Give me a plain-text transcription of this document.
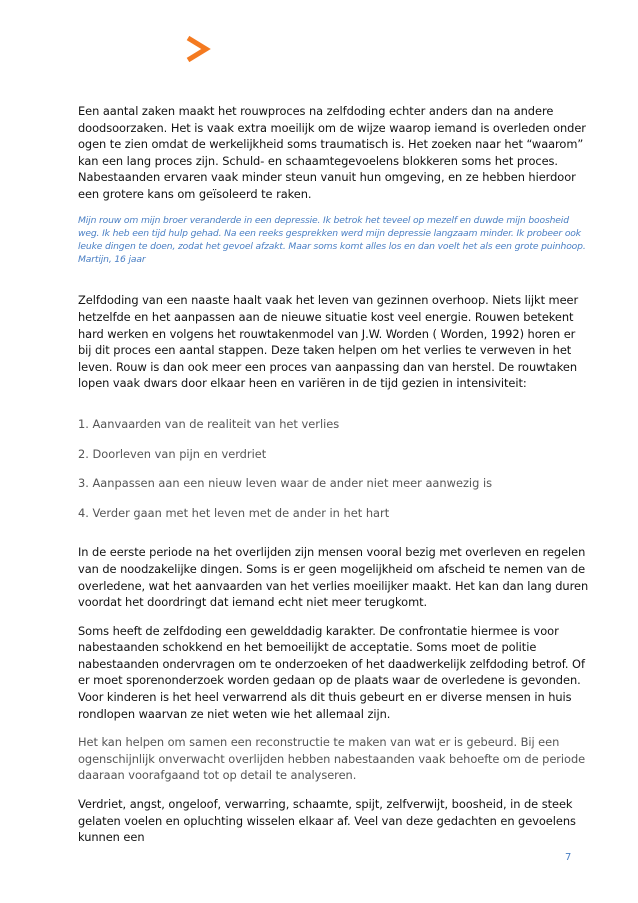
Een aantal zaken maakt het rouwproces na zelfdoding echter anders dan na andere doodsoorzaken. Het is vaak extra moeilijk om de wijze waarop iemand is overleden onder ogen te zien omdat de werkelijkheid soms traumatisch is. Het zoeken naar het “waarom” kan een lang proces zijn. Schuld- en schaamtegevoelens blokkeren soms het proces. Nabestaanden ervaren vaak minder steun vanuit hun omgeving, en ze hebben hierdoor een grotere kans om geïsoleerd te raken.

Mijn rouw om mijn broer veranderde in een depressie. Ik betrok het teveel op mezelf en duwde mijn boosheid weg. Ik heb een tijd hulp gehad. Na een reeks gesprekken werd mijn depressie langzaam minder. Ik probeer ook leuke dingen te doen, zodat het gevoel afzakt. Maar soms komt alles los en dan voelt het als een grote puinhoop.

Martijn, 16 jaar

Zelfdoding van een naaste haalt vaak het leven van gezinnen overhoop. Niets lijkt meer hetzelfde en het aanpassen aan de nieuwe situatie kost veel energie. Rouwen betekent hard werken en volgens het rouwtakenmodel van J.W. Worden ( Worden, 1992) horen er bij dit proces een aantal stappen. Deze taken helpen om het verlies te verweven in het leven. Rouw is dan ook meer een proces van aanpassing dan van herstel. De rouwtaken lopen vaak dwars door elkaar heen en variëren in de tijd gezien in intensiviteit:

1. Aanvaarden van de realiteit van het verlies

2. Doorleven van pijn en verdriet

3. Aanpassen aan een nieuw leven waar de ander niet meer aanwezig is

4. Verder gaan met het leven met de ander in het hart

In de eerste periode na het overlijden zijn mensen vooral bezig met overleven en regelen van de noodzakelijke dingen. Soms is er geen mogelijkheid om afscheid te nemen van de overledene, wat het aanvaarden van het verlies moeilijker maakt. Het kan dan lang duren voordat het doordringt dat iemand echt niet meer terugkomt.

Soms heeft de zelfdoding een gewelddadig karakter. De confrontatie hiermee is voor nabestaanden schokkend en het bemoeilijkt de acceptatie. Soms moet de politie nabestaanden ondervragen om te onderzoeken of het daadwerkelijk zelfdoding betrof. Of er moet sporenonderzoek worden gedaan op de plaats waar de overledene is gevonden. Voor kinderen is het heel verwarrend als dit thuis gebeurt en er diverse mensen in huis rondlopen waarvan ze niet weten wie het allemaal zijn.

Het kan helpen om samen een reconstructie te maken van wat er is gebeurd. Bij een ogenschijnlijk onverwacht overlijden hebben nabestaanden vaak behoefte om de periode daaraan voorafgaand tot op detail te analyseren.

Verdriet, angst, ongeloof, verwarring, schaamte, spijt, zelfverwijt, boosheid, in de steek gelaten voelen en opluchting wisselen elkaar af. Veel van deze gedachten en gevoelens kunnen een

7
